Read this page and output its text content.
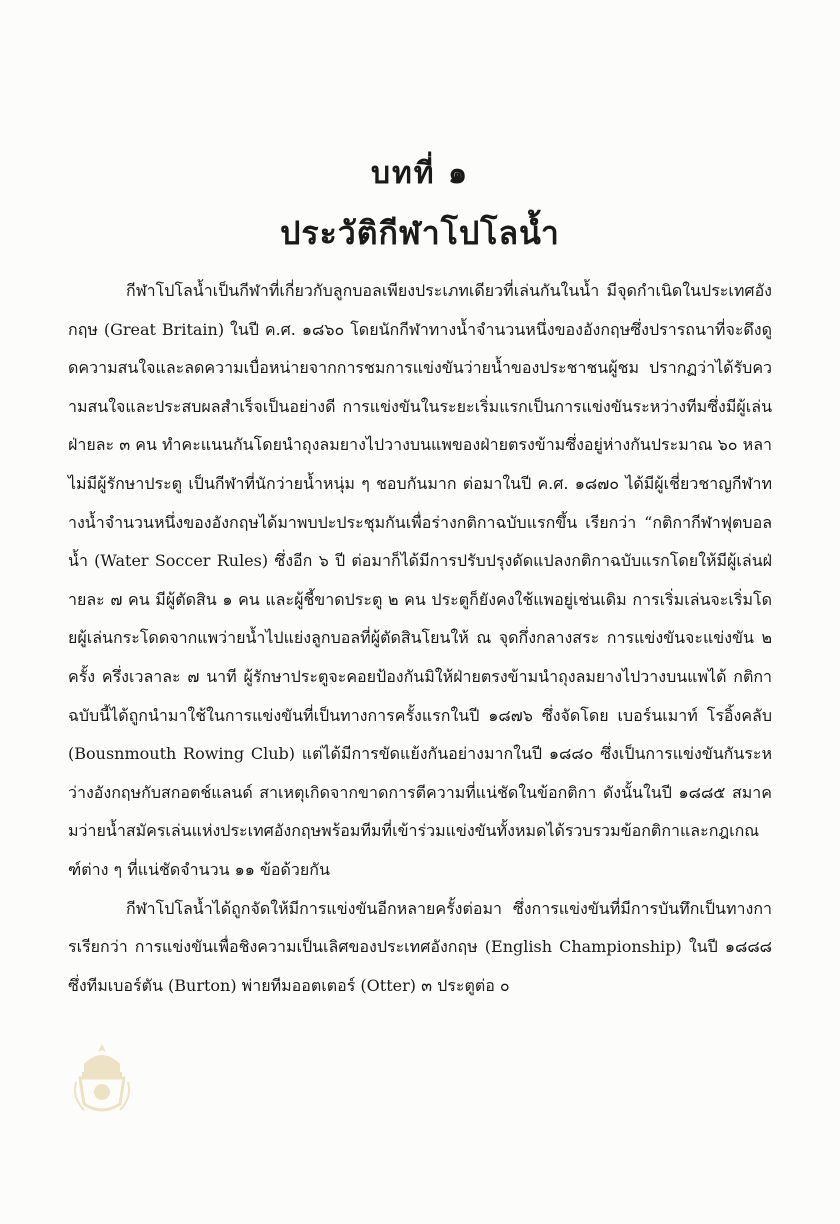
บทที่ ๑
ประวัติกีฬาโปโลน้ำ

กีฬาโปโลน้ำเป็นกีฬาที่เกี่ยวกับลูกบอลเพียงประเภทเดียวที่เล่นกันในน้ำ มีจุดกำเนิดในประเทศอังกฤษ (Great Britain) ในปี ค.ศ. ๑๘๖๐ โดยนักกีฬาทางน้ำจำนวนหนึ่งของอังกฤษซึ่งปรารถนาที่จะดึงดูดความสนใจและลดความเบื่อหน่ายจากการชมการแข่งขันว่ายน้ำของประชาชนผู้ชม ปรากฏว่าได้รับความสนใจและประสบผลสำเร็จเป็นอย่างดี การแข่งขันในระยะเริ่มแรกเป็นการแข่งขันระหว่างทีมซึ่งมีผู้เล่นฝ่ายละ ๓ คน ทำคะแนนกันโดยนำถุงลมยางไปวางบนแพของฝ่ายตรงข้ามซึ่งอยู่ห่างกันประมาณ ๖๐ หลา ไม่มีผู้รักษาประตู เป็นกีฬาที่นักว่ายน้ำหนุ่ม ๆ ชอบกันมาก ต่อมาในปี ค.ศ. ๑๘๗๐ ได้มีผู้เชี่ยวชาญกีฬาทางน้ำจำนวนหนึ่งของอังกฤษได้มาพบปะประชุมกันเพื่อร่างกติกาฉบับแรกขึ้น เรียกว่า “กติกากีฬาฟุตบอลน้ำ (Water Soccer Rules) ซึ่งอีก ๖ ปี ต่อมาก็ได้มีการปรับปรุงดัดแปลงกติกาฉบับแรกโดยให้มีผู้เล่นฝ่ายละ ๗ คน มีผู้ตัดสิน ๑ คน และผู้ชี้ขาดประตู ๒ คน ประตูก็ยังคงใช้แพอยู่เช่นเดิม การเริ่มเล่นจะเริ่มโดยผู้เล่นกระโดดจากแพว่ายน้ำไปแย่งลูกบอลที่ผู้ตัดสินโยนให้ ณ จุดกึ่งกลางสระ การแข่งขันจะแข่งขัน ๒ ครั้ง ครึ่งเวลาละ ๗ นาที ผู้รักษาประตูจะคอยป้องกันมิให้ฝ่ายตรงข้ามนำถุงลมยางไปวางบนแพได้ กติกาฉบับนี้ได้ถูกนำมาใช้ในการแข่งขันที่เป็นทางการครั้งแรกในปี ๑๘๗๖ ซึ่งจัดโดย เบอร์นเมาท์ โรอิ้งคลับ (Bousnmouth Rowing Club) แต่ได้มีการขัดแย้งกันอย่างมากในปี ๑๘๘๐ ซึ่งเป็นการแข่งขันกันระหว่างอังกฤษกับสกอตช์แลนด์ สาเหตุเกิดจากขาดการตีความที่แน่ชัดในข้อกติกา ดังนั้นในปี ๑๘๘๕ สมาคมว่ายน้ำสมัครเล่นแห่งประเทศอังกฤษพร้อมทีมที่เข้าร่วมแข่งขันทั้งหมดได้รวบรวมข้อกติกาและกฎเกณฑ์ต่าง ๆ ที่แน่ชัดจำนวน ๑๑ ข้อด้วยกัน

กีฬาโปโลน้ำได้ถูกจัดให้มีการแข่งขันอีกหลายครั้งต่อมา ซึ่งการแข่งขันที่มีการบันทึกเป็นทางการเรียกว่า การแข่งขันเพื่อชิงความเป็นเลิศของประเทศอังกฤษ (English Championship) ในปี ๑๘๘๘ ซึ่งทีมเบอร์ตัน (Burton) พ่ายทีมออตเตอร์ (Otter) ๓ ประตูต่อ ๐
